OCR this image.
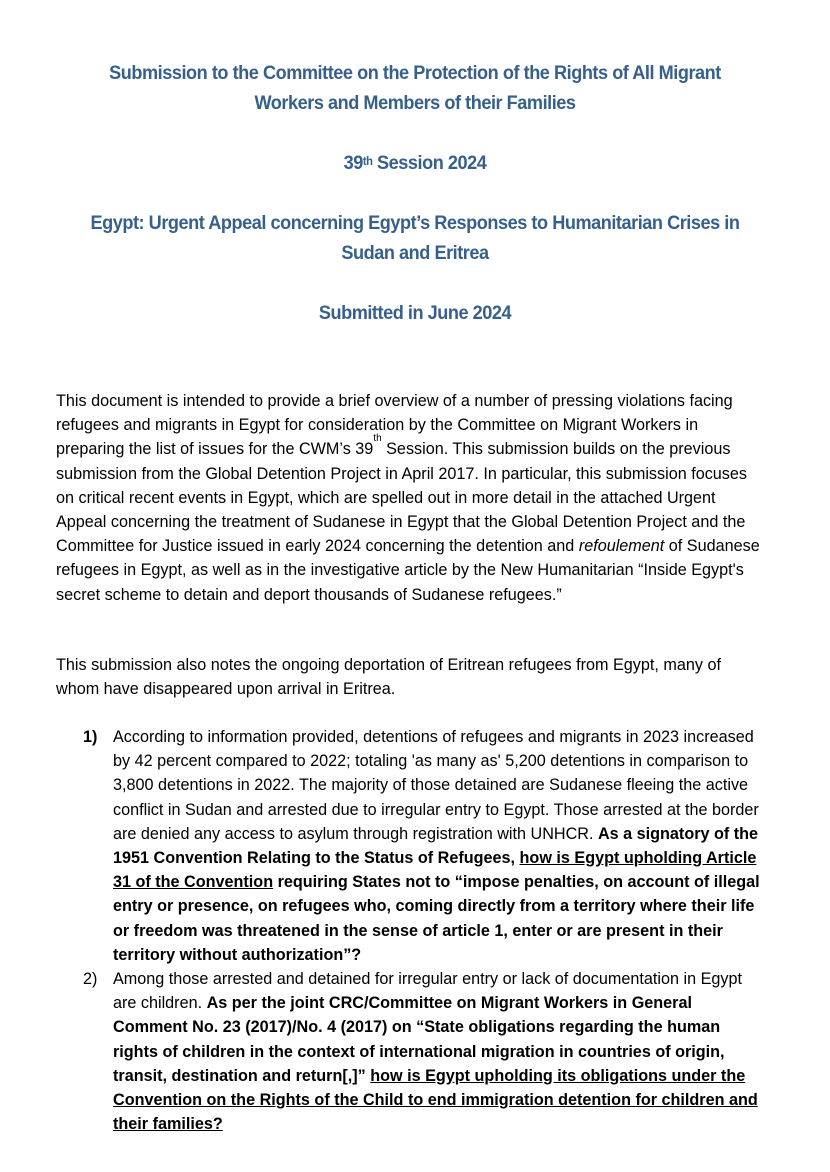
Submission to the Committee on the Protection of the Rights of All Migrant
Workers and Members of their Families
39th Session 2024
Egypt: Urgent Appeal concerning Egypt’s Responses to Humanitarian Crises in
Sudan and Eritrea
Submitted in June 2024

This document is intended to provide a brief overview of a number of pressing violations facing refugees and migrants in Egypt for consideration by the Committee on Migrant Workers in preparing the list of issues for the CWM’s 39th Session. This submission builds on the previous submission from the Global Detention Project in April 2017. In particular, this submission focuses on critical recent events in Egypt, which are spelled out in more detail in the attached Urgent Appeal concerning the treatment of Sudanese in Egypt that the Global Detention Project and the Committee for Justice issued in early 2024 concerning the detention and refoulement of Sudanese refugees in Egypt, as well as in the investigative article by the New Humanitarian “Inside Egypt's secret scheme to detain and deport thousands of Sudanese refugees.”

This submission also notes the ongoing deportation of Eritrean refugees from Egypt, many of whom have disappeared upon arrival in Eritrea.

1) According to information provided, detentions of refugees and migrants in 2023 increased by 42 percent compared to 2022; totaling 'as many as' 5,200 detentions in comparison to 3,800 detentions in 2022. The majority of those detained are Sudanese fleeing the active conflict in Sudan and arrested due to irregular entry to Egypt. Those arrested at the border are denied any access to asylum through registration with UNHCR. As a signatory of the 1951 Convention Relating to the Status of Refugees, how is Egypt upholding Article 31 of the Convention requiring States not to “impose penalties, on account of illegal entry or presence, on refugees who, coming directly from a territory where their life or freedom was threatened in the sense of article 1, enter or are present in their territory without authorization”?
2) Among those arrested and detained for irregular entry or lack of documentation in Egypt are children. As per the joint CRC/Committee on Migrant Workers in General Comment No. 23 (2017)/No. 4 (2017) on “State obligations regarding the human rights of children in the context of international migration in countries of origin, transit, destination and return[,]” how is Egypt upholding its obligations under the Convention on the Rights of the Child to end immigration detention for children and their families?
